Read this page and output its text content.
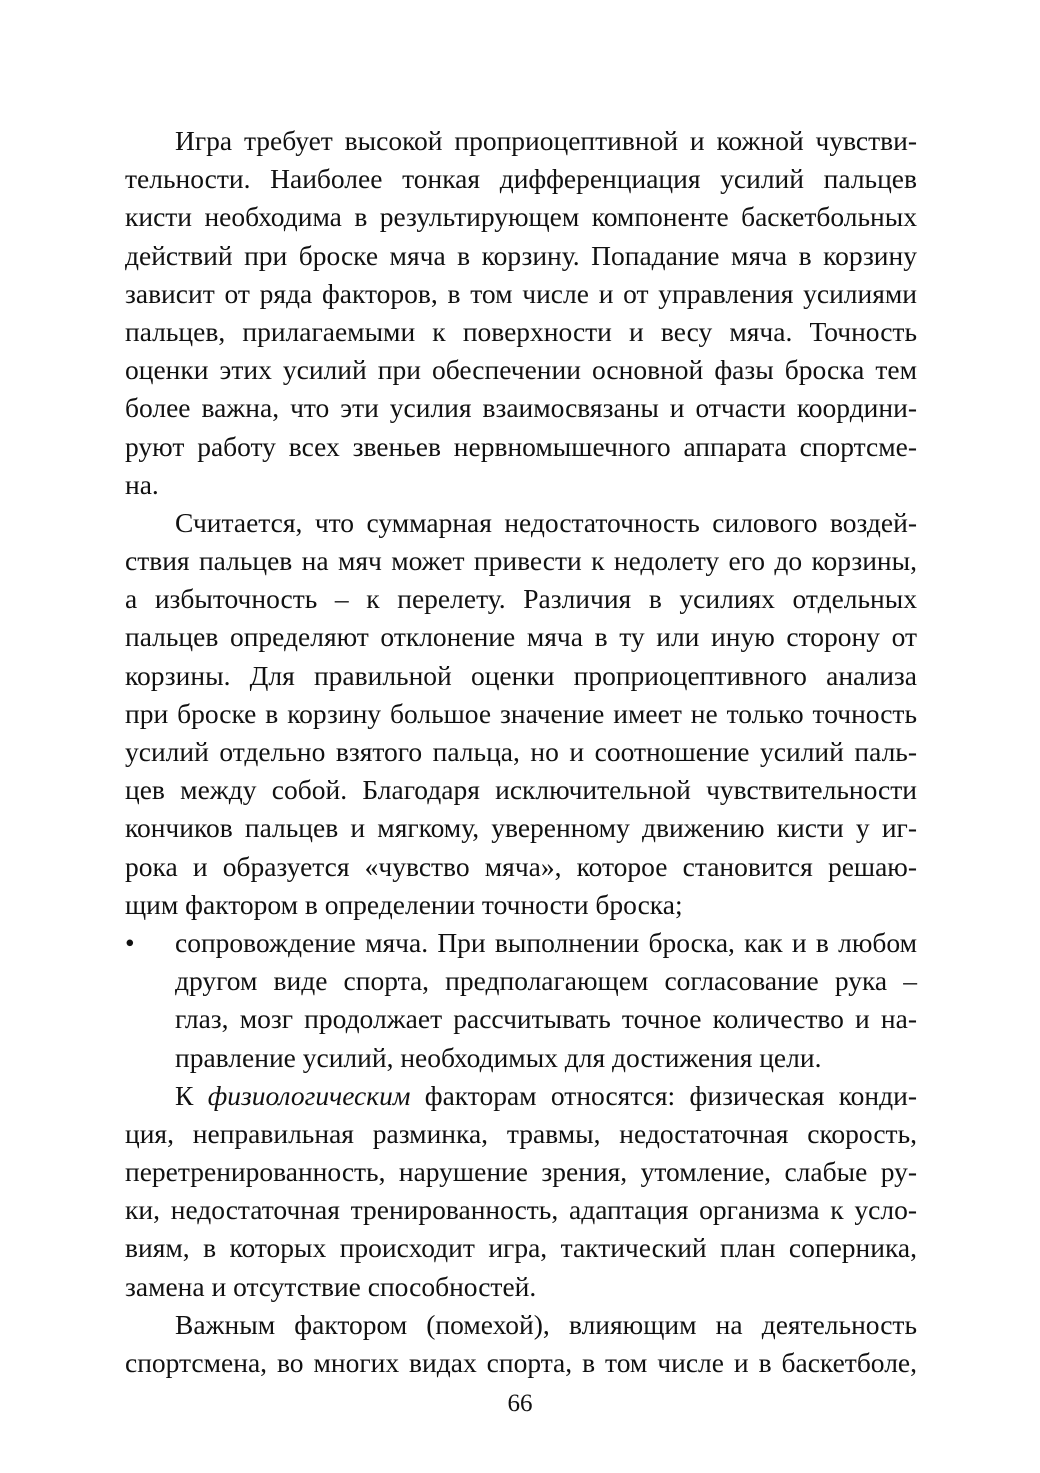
Игра требует высокой проприоцептивной и кожной чувстви-
тельности. Наиболее тонкая дифференциация усилий пальцев
кисти необходима в результирующем компоненте баскетбольных
действий при броске мяча в корзину. Попадание мяча в корзину
зависит от ряда факторов, в том числе и от управления усилиями
пальцев, прилагаемыми к поверхности и весу мяча. Точность
оценки этих усилий при обеспечении основной фазы броска тем
более важна, что эти усилия взаимосвязаны и отчасти координи-
руют работу всех звеньев нервномышечного аппарата спортсме-
на.
Считается, что суммарная недостаточность силового воздей-
ствия пальцев на мяч может привести к недолету его до корзины,
а избыточность – к перелету. Различия в усилиях отдельных
пальцев определяют отклонение мяча в ту или иную сторону от
корзины. Для правильной оценки проприоцептивного анализа
при броске в корзину большое значение имеет не только точность
усилий отдельно взятого пальца, но и соотношение усилий паль-
цев между собой. Благодаря исключительной чувствительности
кончиков пальцев и мягкому, уверенному движению кисти у иг-
рока и образуется «чувство мяча», которое становится решаю-
щим фактором в определении точности броска;
•	сопровождение мяча. При выполнении броска, как и в любом
другом виде спорта, предполагающем согласование рука –
глаз, мозг продолжает рассчитывать точное количество и на-
правление усилий, необходимых для достижения цели.
К физиологическим факторам относятся: физическая конди-
ция, неправильная разминка, травмы, недостаточная скорость,
перетренированность, нарушение зрения, утомление, слабые ру-
ки, недостаточная тренированность, адаптация организма к усло-
виям, в которых происходит игра, тактический план соперника,
замена и отсутствие способностей.
Важным фактором (помехой), влияющим на деятельность
спортсмена, во многих видах спорта, в том числе и в баскетболе,
66
